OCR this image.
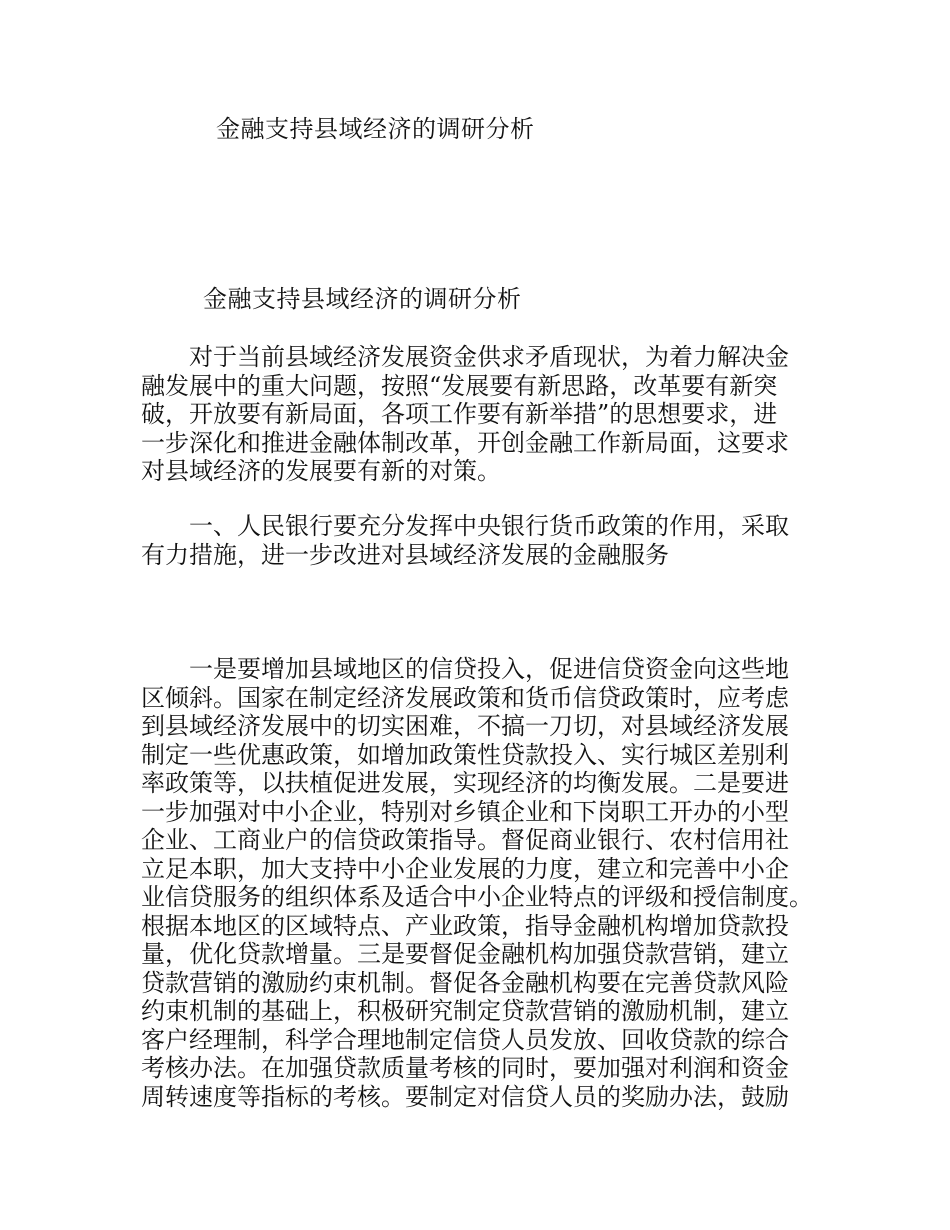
金融支持县域经济的调研分析
金融支持县域经济的调研分析
对于当前县域经济发展资金供求矛盾现状，为着力解决金
融发展中的重大问题，按照“发展要有新思路，改革要有新突
破，开放要有新局面，各项工作要有新举措”的思想要求，进
一步深化和推进金融体制改革，开创金融工作新局面，这要求
对县域经济的发展要有新的对策。
一、人民银行要充分发挥中央银行货币政策的作用，采取
有力措施，进一步改进对县域经济发展的金融服务
一是要增加县域地区的信贷投入，促进信贷资金向这些地
区倾斜。国家在制定经济发展政策和货币信贷政策时，应考虑
到县域经济发展中的切实困难，不搞一刀切，对县域经济发展
制定一些优惠政策，如增加政策性贷款投入、实行城区差别利
率政策等，以扶植促进发展，实现经济的均衡发展。二是要进
一步加强对中小企业，特别对乡镇企业和下岗职工开办的小型
企业、工商业户的信贷政策指导。督促商业银行、农村信用社
立足本职，加大支持中小企业发展的力度，建立和完善中小企
业信贷服务的组织体系及适合中小企业特点的评级和授信制度。
根据本地区的区域特点、产业政策，指导金融机构增加贷款投
量，优化贷款增量。三是要督促金融机构加强贷款营销，建立
贷款营销的激励约束机制。督促各金融机构要在完善贷款风险
约束机制的基础上，积极研究制定贷款营销的激励机制，建立
客户经理制，科学合理地制定信贷人员发放、回收贷款的综合
考核办法。在加强贷款质量考核的同时，要加强对利润和资金
周转速度等指标的考核。要制定对信贷人员的奖励办法，鼓励
